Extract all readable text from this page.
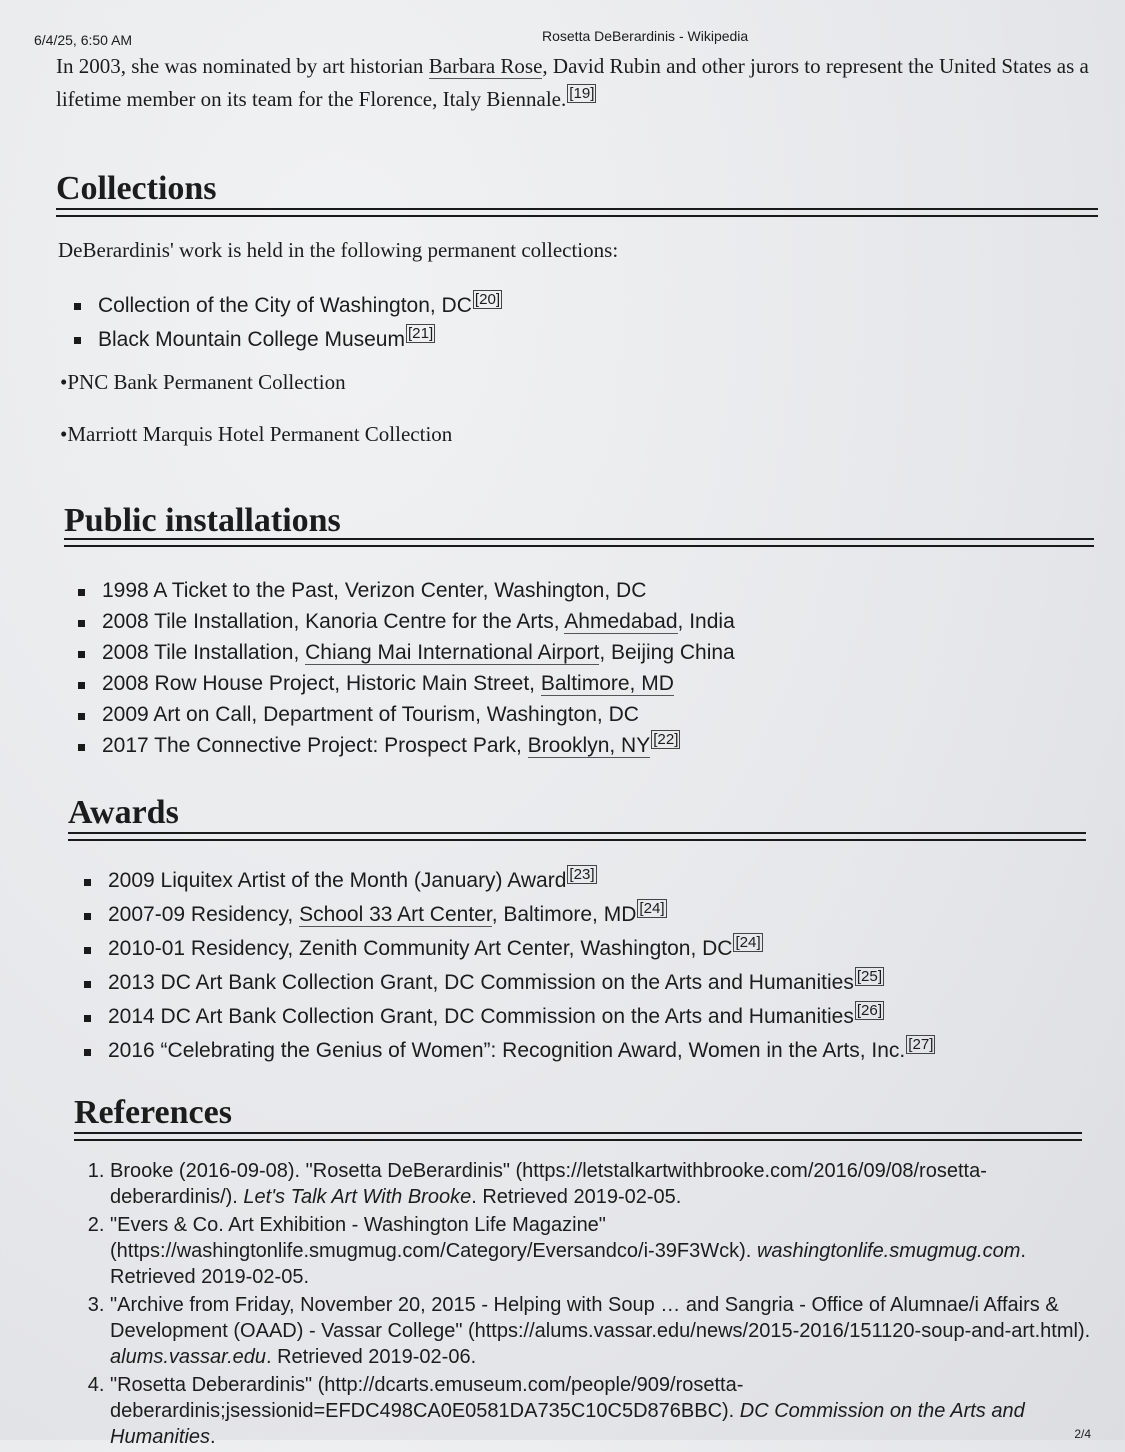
6/4/25, 6:50 AM	Rosetta DeBerardinis - Wikipedia

In 2003, she was nominated by art historian Barbara Rose, David Rubin and other jurors to represent the United States as a lifetime member on its team for the Florence, Italy Biennale. [19]

Collections

DeBerardinis' work is held in the following permanent collections:

Collection of the City of Washington, DC [20]
Black Mountain College Museum [21]

•PNC Bank Permanent Collection

•Marriott Marquis Hotel Permanent Collection

Public installations
1998 A Ticket to the Past, Verizon Center, Washington, DC
2008 Tile Installation, Kanoria Centre for the Arts, Ahmedabad, India
2008 Tile Installation, Chiang Mai International Airport, Beijing China
2008 Row House Project, Historic Main Street, Baltimore, MD
2009 Art on Call, Department of Tourism, Washington, DC
2017 The Connective Project: Prospect Park, Brooklyn, NY [22]
Awards
2009 Liquitex Artist of the Month (January) Award [23]
2007-09 Residency, School 33 Art Center, Baltimore, MD [24]
2010-01 Residency, Zenith Community Art Center, Washington, DC [24]
2013 DC Art Bank Collection Grant, DC Commission on the Arts and Humanities [25]
2014 DC Art Bank Collection Grant, DC Commission on the Arts and Humanities [26]
2016 “Celebrating the Genius of Women”: Recognition Award, Women in the Arts, Inc. [27]
References
1. Brooke (2016-09-08). "Rosetta DeBerardinis" (https://letstalkartwithbrooke.com/2016/09/08/rosetta-deberardinis/). Let's Talk Art With Brooke. Retrieved 2019-02-05.
2. "Evers & Co. Art Exhibition - Washington Life Magazine" (https://washingtonlife.smugmug.com/Category/Eversandco/i-39F3Wck). washingtonlife.smugmug.com. Retrieved 2019-02-05.
3. "Archive from Friday, November 20, 2015 - Helping with Soup … and Sangria - Office of Alumnae/i Affairs & Development (OAAD) - Vassar College" (https://alums.vassar.edu/news/2015-2016/151120-soup-and-art.html). alums.vassar.edu. Retrieved 2019-02-06.
4. "Rosetta Deberardinis" (http://dcarts.emuseum.com/people/909/rosetta-deberardinis;jsessionid=EFDC498CA0E0581DA735C10C5D876BBC). DC Commission on the Arts and Humanities.	2/4
